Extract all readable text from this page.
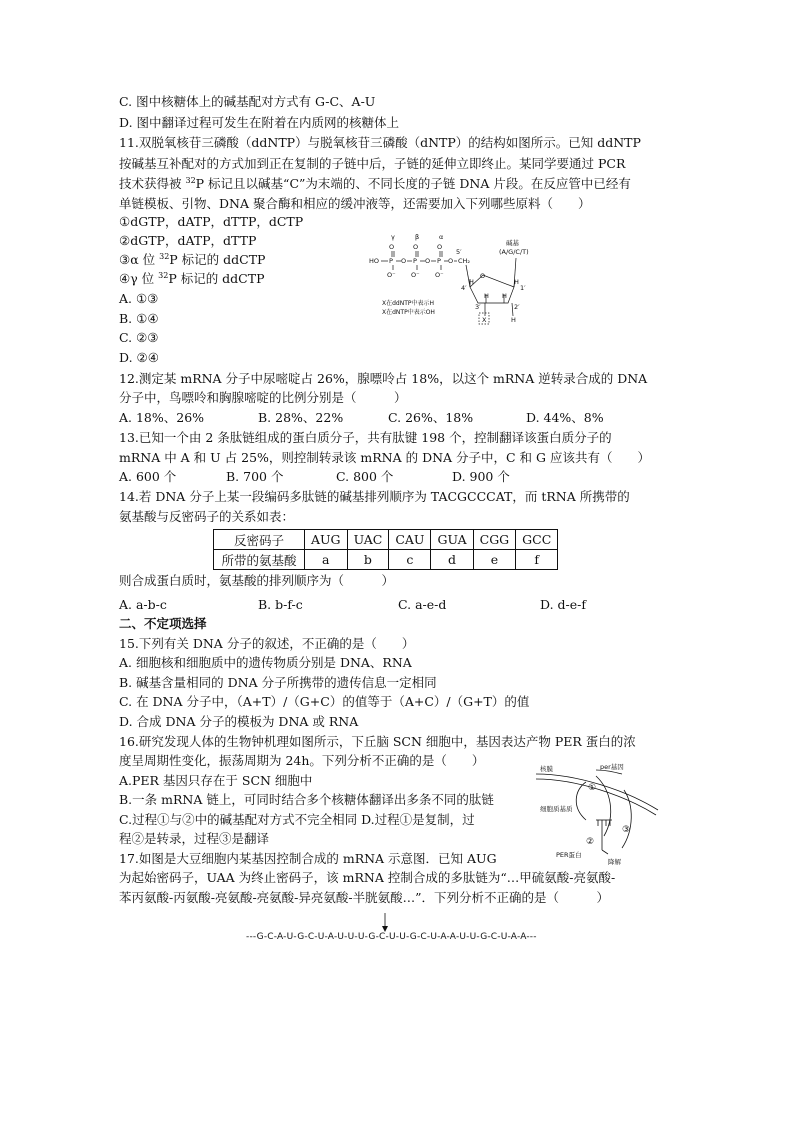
C. 图中核糖体上的碱基配对方式有 G-C、A-U
D. 图中翻译过程可发生在附着在内质网的核糖体上
11.双脱氧核苷三磷酸（ddNTP）与脱氧核苷三磷酸（dNTP）的结构如图所示。已知 ddNTP
按碱基互补配对的方式加到正在复制的子链中后，子链的延伸立即终止。某同学要通过 PCR
技术获得被 $^{32}$P 标记且以碱基“C”为末端的、不同长度的子链 DNA 片段。在反应管中已经有
单链模板、引物、DNA 聚合酶和相应的缓冲液等，还需要加入下列哪些原料（　　）
①dGTP，dATP，dTTP，dCTP
②dGTP，dATP，dTTP
③α 位 $^{32}$P 标记的 ddCTP
④γ 位 $^{32}$P 标记的 ddCTP
A. ①③
B. ①④
C. ②③
D. ②④
γ	β	α
O	O	O
HO P O P O P O CH₂
5′
O⁻ O⁻ O⁻
碱基
(A/G/C/T)
O
4′	1′
H	H
H H
3′	2′
X	H
X在ddNTP中表示H
X在dNTP中表示OH
12.测定某 mRNA 分子中尿嘧啶占 26%，腺嘌呤占 18%，以这个 mRNA 逆转录合成的 DNA
分子中，鸟嘌呤和胸腺嘧啶的比例分别是（　　　）
A. 18%、26%	B. 28%、22%	C. 26%、18%	D. 44%、8%
13.已知一个由 2 条肽链组成的蛋白质分子，共有肽键 198 个，控制翻译该蛋白质分子的
mRNA 中 A 和 U 占 25%，则控制转录该 mRNA 的 DNA 分子中，C 和 G 应该共有（　　）
A. 600 个	B. 700 个	C. 800 个	D. 900 个
14.若 DNA 分子上某一段编码多肽链的碱基排列顺序为 TACGCCCAT，而 tRNA 所携带的
氨基酸与反密码子的关系如表：
反密码子	AUG	UAC	CAU	GUA	CGG	GCC
所带的氨基酸	a	b	c	d	e	f
则合成蛋白质时，氨基酸的排列顺序为（　　　）
A. a-b-c	B. b-f-c	C. a-e-d	D. d-e-f
二、不定项选择
15.下列有关 DNA 分子的叙述，不正确的是（　　）
A. 细胞核和细胞质中的遗传物质分别是 DNA、RNA
B. 碱基含量相同的 DNA 分子所携带的遗传信息一定相同
C. 在 DNA 分子中，（A+T）/（G+C）的值等于（A+C）/（G+T）的值
D. 合成 DNA 分子的模板为 DNA 或 RNA
16.研究发现人体的生物钟机理如图所示，下丘脑 SCN 细胞中，基因表达产物 PER 蛋白的浓
度呈周期性变化，振荡周期为 24h。下列分析不正确的是（　　）
A.PER 基因只存在于 SCN 细胞中
B.一条 mRNA 链上，可同时结合多个核糖体翻译出多条不同的肽链
C.过程①与②中的碱基配对方式不完全相同 D.过程①是复制，过
程②是转录，过程③是翻译
per基因
核膜
细胞质基质
PER蛋白
降解
①
②
③
17.如图是大豆细胞内某基因控制合成的 mRNA 示意图．已知 AUG
为起始密码子，UAA 为终止密码子，该 mRNA 控制合成的多肽链为“…甲硫氨酸-亮氨酸-
苯丙氨酸-丙氨酸-亮氨酸-亮氨酸-异亮氨酸-半胱氨酸…”．下列分析不正确的是（　　　）
---G-C-A-U-G-C-U-A-U-U-U-G-C-U-U-G-C-U-A-A-U-U-G-C-U-A-A---
